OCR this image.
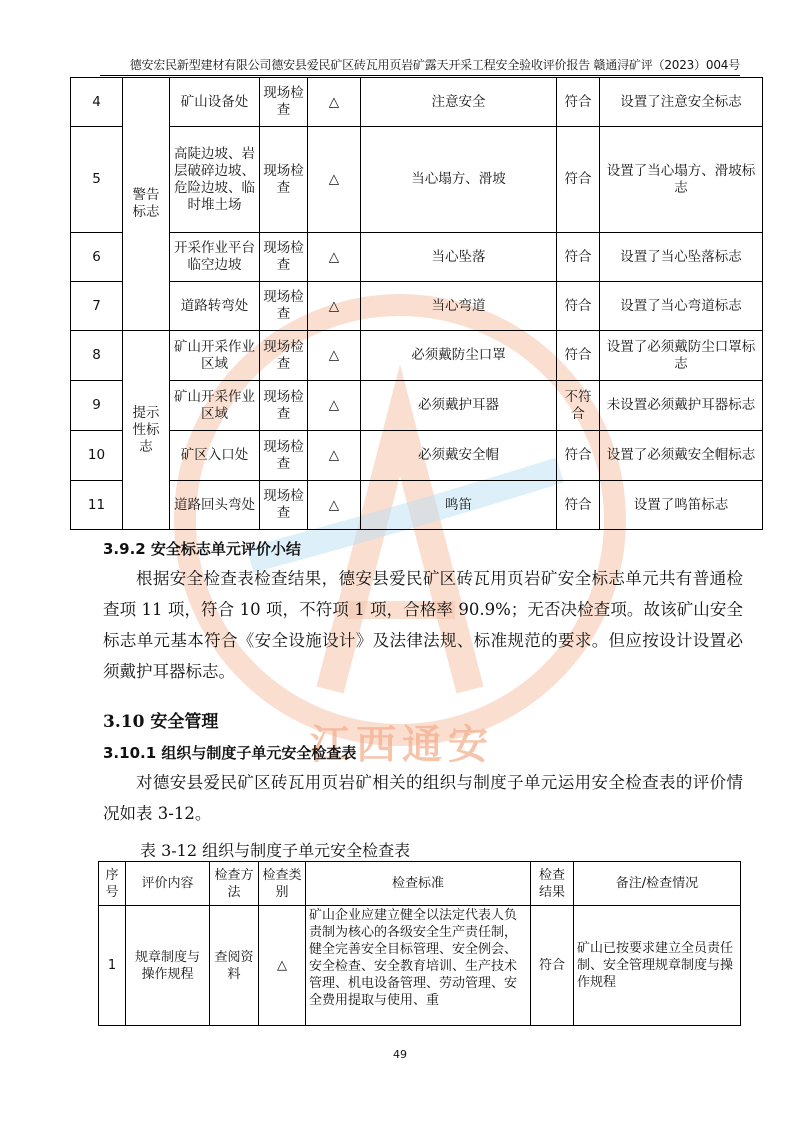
江西通安
德安宏民新型建材有限公司德安县爱民矿区砖瓦用页岩矿露天开采工程安全验收评价报告 赣通浔矿评（2023）004号
4	警告标志	矿山设备处	现场检查	△	注意安全	符合	设置了注意安全标志
5		高陡边坡、岩层破碎边坡、危险边坡、临时堆土场	现场检查	△	当心塌方、滑坡	符合	设置了当心塌方、滑坡标志
6		开采作业平台临空边坡	现场检查	△	当心坠落	符合	设置了当心坠落标志
7		道路转弯处	现场检查	△	当心弯道	符合	设置了当心弯道标志
8	提示性标志	矿山开采作业区域	现场检查	△	必须戴防尘口罩	符合	设置了必须戴防尘口罩标志
9		矿山开采作业区域	现场检查	△	必须戴护耳器	不符合	未设置必须戴护耳器标志
10		矿区入口处	现场检查	△	必须戴安全帽	符合	设置了必须戴安全帽标志
11		道路回头弯处	现场检查	△	鸣笛	符合	设置了鸣笛标志
3.9.2 安全标志单元评价小结
根据安全检查表检查结果，德安县爱民矿区砖瓦用页岩矿安全标志单元共有普通检查项 11 项，符合 10 项，不符项 1 项，合格率 90.9%；无否决检查项。故该矿山安全标志单元基本符合《安全设施设计》及法律法规、标准规范的要求。但应按设计设置必须戴护耳器标志。
3.10 安全管理
3.10.1 组织与制度子单元安全检查表
对德安县爱民矿区砖瓦用页岩矿相关的组织与制度子单元运用安全检查表的评价情况如表 3-12。
表 3-12 组织与制度子单元安全检查表
序号	评价内容	检查方法	检查类别	检查标准	检查结果	备注/检查情况
1	规章制度与操作规程	查阅资料	△	矿山企业应建立健全以法定代表人负责制为核心的各级安全生产责任制，健全完善安全目标管理、安全例会、安全检查、安全教育培训、生产技术管理、机电设备管理、劳动管理、安全费用提取与使用、重	符合	矿山已按要求建立全员责任制、安全管理规章制度与操作规程
49
